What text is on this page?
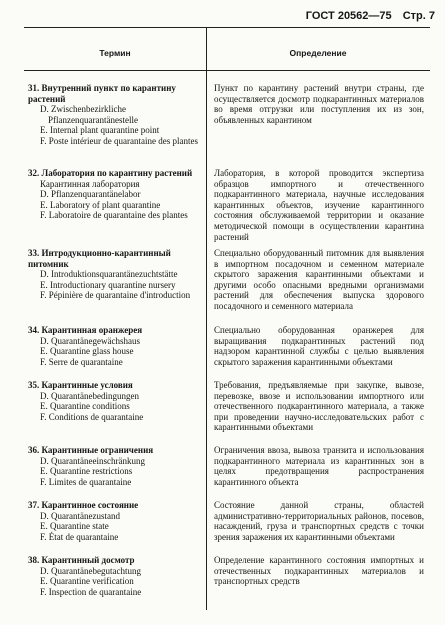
ГОСТ 20562—75 Стр. 7
Термин	Определение
31. Внутренний пункт по карантину растений
D. Zwischenbezirkliche Pflanzenquarantänestelle
E. Internal plant quarantine point
F. Poste intérieur de quarantaine des plantes
Пункт по карантину растений внутри страны, где осуществляется досмотр подкарантинных материалов во время отгрузки или поступления их из зон, объявленных карантином
32. Лаборатория по карантину растений
Карантинная лаборатория
D. Pflanzenquarantänelabor
E. Laboratory of plant quarantine
F. Laboratoire de quarantaine des plantes
Лаборатория, в которой проводится экспертиза образцов импортного и отечественного подкарантинного материала, научные исследования карантинных объектов, изучение карантинного состояния обслуживаемой территории и оказание методической помощи в осуществлении карантина растений
33. Интродукционно-карантинный питомник
D. Introduktionsquarantänezuchtstätte
E. Introductionary quarantine nursery
F. Pépinière de quarantaine d'introduction
Специально оборудованный питомник для выявления в импортном посадочном и семенном материале скрытого заражения карантинными объектами и другими особо опасными вредными организмами растений для обеспечения выпуска здорового посадочного и семенного материала
34. Карантинная оранжерея
D. Quarantänegewächshaus
E. Quarantine glass house
F. Serre de quarantaine
Специально оборудованная оранжерея для выращивания подкарантинных растений под надзором карантинной службы с целью выявления скрытого заражения карантинными объектами
35. Карантинные условия
D. Quarantänebedingungen
E. Quarantine conditions
F. Conditions de quarantaine
Требования, предъявляемые при закупке, вывозе, перевозке, ввозе и использовании импортного или отечественного подкарантинного материала, а также при проведении научно-исследовательских работ с карантинными объектами
36. Карантинные ограничения
D. Quarantäneeinschränkung
E. Quarantine restrictions
F. Limites de quarantaine
Ограничения ввоза, вывоза транзита и использования подкарантинного материала из карантинных зон в целях предотвращения распространения карантинного объекта
37. Карантинное состояние
D. Quarantänezustand
E. Quarantine state
F. État de quarantaine
Состояние данной страны, областей административно-территориальных районов, посевов, насаждений, груза и транспортных средств с точки зрения заражения их карантинными объектами
38. Карантинный досмотр
D. Quarantänebegutachtung
E. Quarantine verification
F. Inspection de quarantaine
Определение карантинного состояния импортных и отечественных подкарантинных материалов и транспортных средств
